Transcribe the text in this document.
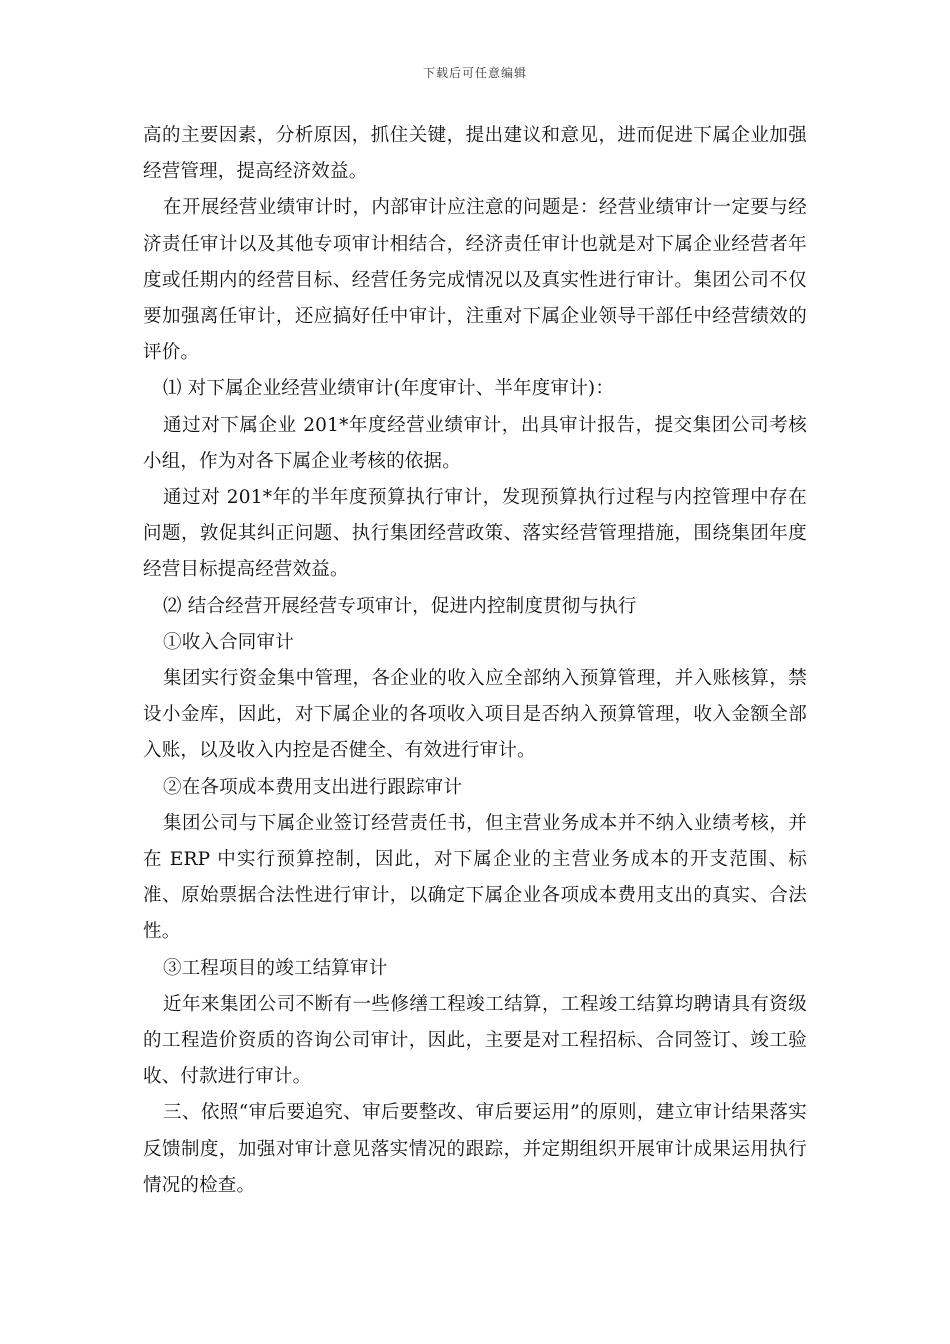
下载后可任意编辑

高的主要因素，分析原因，抓住关键，提出建议和意见，进而促进下属企业加强经营管理，提高经济效益。

在开展经营业绩审计时，内部审计应注意的问题是：经营业绩审计一定要与经济责任审计以及其他专项审计相结合，经济责任审计也就是对下属企业经营者年度或任期内的经营目标、经营任务完成情况以及真实性进行审计。集团公司不仅要加强离任审计，还应搞好任中审计，注重对下属企业领导干部任中经营绩效的评价。

⑴ 对下属企业经营业绩审计(年度审计、半年度审计)：

通过对下属企业 201*年度经营业绩审计，出具审计报告，提交集团公司考核小组，作为对各下属企业考核的依据。

通过对 201*年的半年度预算执行审计，发现预算执行过程与内控管理中存在问题，敦促其纠正问题、执行集团经营政策、落实经营管理措施，围绕集团年度经营目标提高经营效益。

⑵ 结合经营开展经营专项审计，促进内控制度贯彻与执行

①收入合同审计

集团实行资金集中管理，各企业的收入应全部纳入预算管理，并入账核算，禁设小金库，因此，对下属企业的各项收入项目是否纳入预算管理，收入金额全部入账，以及收入内控是否健全、有效进行审计。

②在各项成本费用支出进行跟踪审计

集团公司与下属企业签订经营责任书，但主营业务成本并不纳入业绩考核，并在 ERP 中实行预算控制，因此，对下属企业的主营业务成本的开支范围、标准、原始票据合法性进行审计，以确定下属企业各项成本费用支出的真实、合法性。

③工程项目的竣工结算审计

近年来集团公司不断有一些修缮工程竣工结算，工程竣工结算均聘请具有资级的工程造价资质的咨询公司审计，因此，主要是对工程招标、合同签订、竣工验收、付款进行审计。

三、依照“审后要追究、审后要整改、审后要运用”的原则，建立审计结果落实反馈制度，加强对审计意见落实情况的跟踪，并定期组织开展审计成果运用执行情况的检查。
